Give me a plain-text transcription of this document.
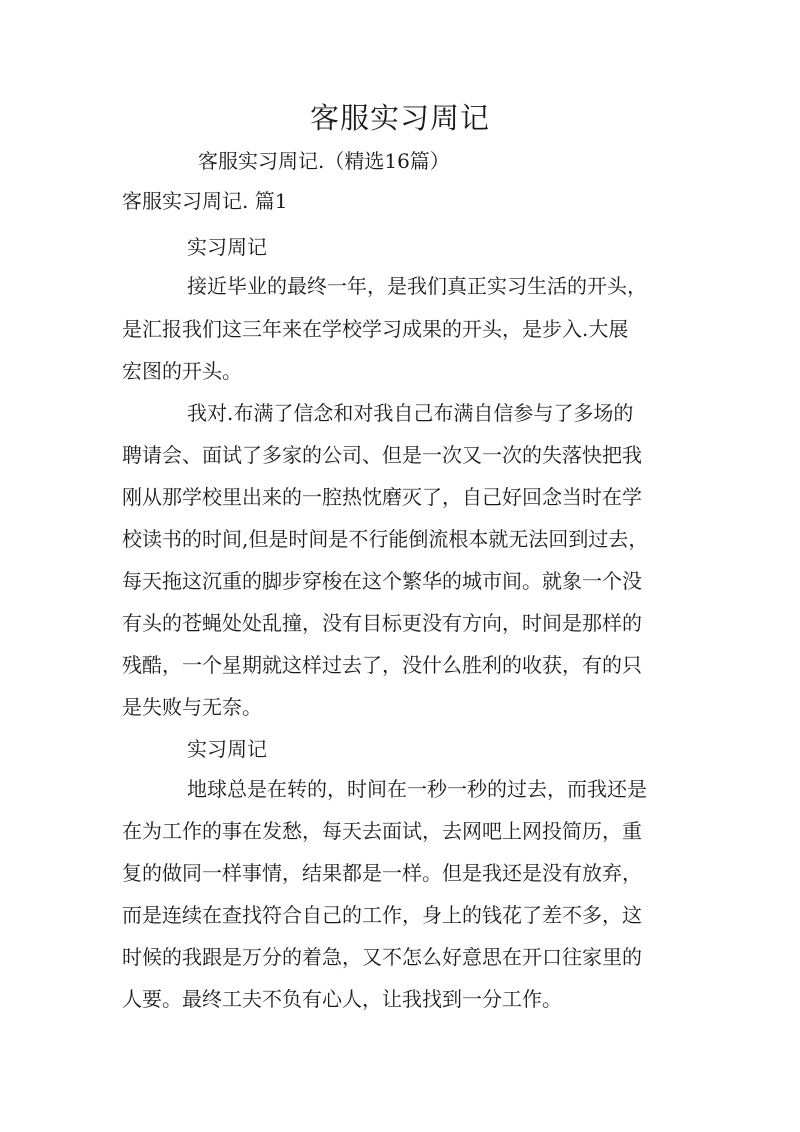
客服实习周记
客服实习周记.（精选16篇）
客服实习周记. 篇1
实习周记
接近毕业的最终一年，是我们真正实习生活的开头，
是汇报我们这三年来在学校学习成果的开头，是步入.大展
宏图的开头。
我对.布满了信念和对我自己布满自信参与了多场的
聘请会、面试了多家的公司、但是一次又一次的失落快把我
刚从那学校里出来的一腔热忱磨灭了，自己好回念当时在学
校读书的时间,但是时间是不行能倒流根本就无法回到过去，
每天拖这沉重的脚步穿梭在这个繁华的城市间。就象一个没
有头的苍蝇处处乱撞，没有目标更没有方向，时间是那样的
残酷，一个星期就这样过去了，没什么胜利的收获，有的只
是失败与无奈。
实习周记
地球总是在转的，时间在一秒一秒的过去，而我还是
在为工作的事在发愁，每天去面试，去网吧上网投简历，重
复的做同一样事情，结果都是一样。但是我还是没有放弃，
而是连续在查找符合自己的工作，身上的钱花了差不多，这
时候的我跟是万分的着急，又不怎么好意思在开口往家里的
人要。最终工夫不负有心人，让我找到一分工作。
